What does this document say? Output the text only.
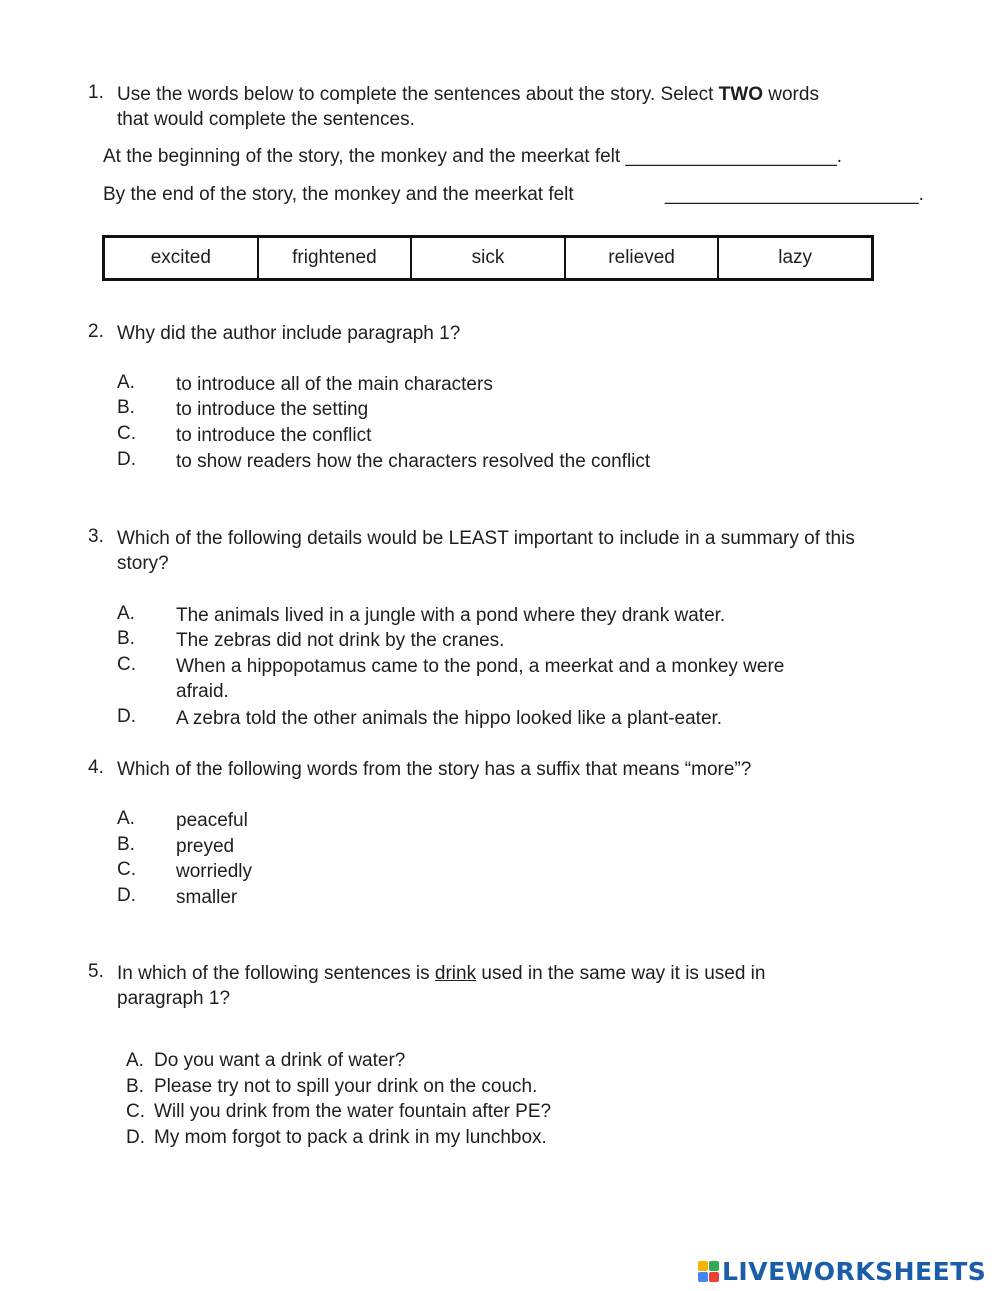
1. Use the words below to complete the sentences about the story. Select TWO words
that would complete the sentences.
At the beginning of the story, the monkey and the meerkat felt ____________________.
By the end of the story, the monkey and the meerkat felt	________________________.
excited	frightened	sick	relieved	lazy
2. Why did the author include paragraph 1?
A. to introduce all of the main characters
B. to introduce the setting
C. to introduce the conflict
D. to show readers how the characters resolved the conflict
3. Which of the following details would be LEAST important to include in a summary of this
story?
A. The animals lived in a jungle with a pond where they drank water.
B. The zebras did not drink by the cranes.
C. When a hippopotamus came to the pond, a meerkat and a monkey were
afraid.
D. A zebra told the other animals the hippo looked like a plant-eater.
4. Which of the following words from the story has a suffix that means “more”?
A. peaceful
B. preyed
C. worriedly
D. smaller
5. In which of the following sentences is drink used in the same way it is used in
paragraph 1?
A. Do you want a drink of water?
B. Please try not to spill your drink on the couch.
C. Will you drink from the water fountain after PE?
D. My mom forgot to pack a drink in my lunchbox.
LIVEWORKSHEETS
